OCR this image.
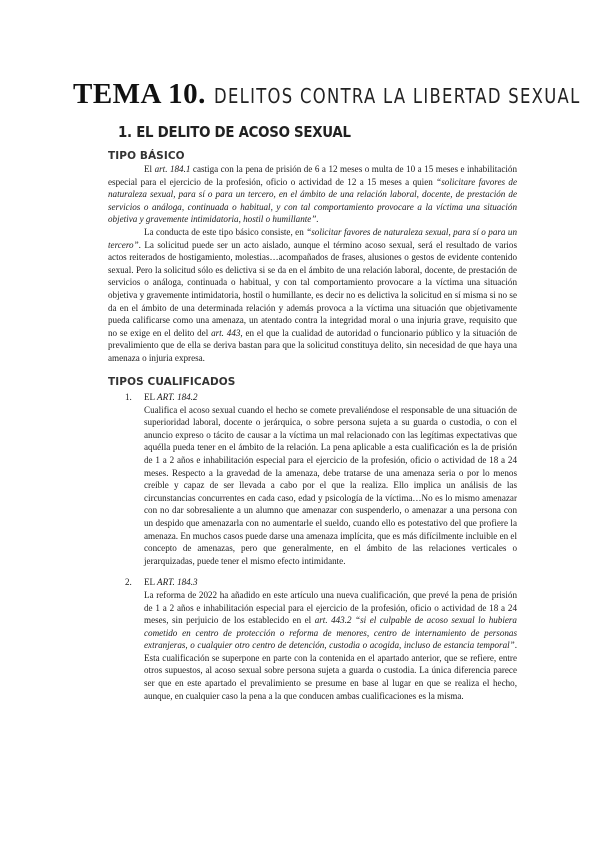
TEMA 10. DELITOS CONTRA LA LIBERTAD SEXUAL
1. EL DELITO DE ACOSO SEXUAL
TIPO BÁSICO

El art. 184.1 castiga con la pena de prisión de 6 a 12 meses o multa de 10 a 15 meses e inhabilitación especial para el ejercicio de la profesión, oficio o actividad de 12 a 15 meses a quien “solicitare favores de naturaleza sexual, para sí o para un tercero, en el ámbito de una relación laboral, docente, de prestación de servicios o análoga, continuada o habitual, y con tal comportamiento provocare a la víctima una situación objetiva y gravemente intimidatoria, hostil o humillante”.

La conducta de este tipo básico consiste, en “solicitar favores de naturaleza sexual, para sí o para un tercero”. La solicitud puede ser un acto aislado, aunque el término acoso sexual, será el resultado de varios actos reiterados de hostigamiento, molestias…acompañados de frases, alusiones o gestos de evidente contenido sexual. Pero la solicitud sólo es delictiva si se da en el ámbito de una relación laboral, docente, de prestación de servicios o análoga, continuada o habitual, y con tal comportamiento provocare a la víctima una situación objetiva y gravemente intimidatoria, hostil o humillante, es decir no es delictiva la solicitud en sí misma si no se da en el ámbito de una determinada relación y además provoca a la víctima una situación que objetivamente pueda calificarse como una amenaza, un atentado contra la integridad moral o una injuria grave, requisito que no se exige en el delito del art. 443, en el que la cualidad de autoridad o funcionario público y la situación de prevalimiento que de ella se deriva bastan para que la solicitud constituya delito, sin necesidad de que haya una amenaza o injuria expresa.

TIPOS CUALIFICADOS
1. EL ART. 184.2
Cualifica el acoso sexual cuando el hecho se comete prevaliéndose el responsable de una situación de superioridad laboral, docente o jerárquica, o sobre persona sujeta a su guarda o custodia, o con el anuncio expreso o tácito de causar a la víctima un mal relacionado con las legítimas expectativas que aquélla pueda tener en el ámbito de la relación. La pena aplicable a esta cualificación es la de prisión de 1 a 2 años e inhabilitación especial para el ejercicio de la profesión, oficio o actividad de 18 a 24 meses. Respecto a la gravedad de la amenaza, debe tratarse de una amenaza seria o por lo menos creíble y capaz de ser llevada a cabo por el que la realiza. Ello implica un análisis de las circunstancias concurrentes en cada caso, edad y psicología de la víctima…No es lo mismo amenazar con no dar sobresaliente a un alumno que amenazar con suspenderlo, o amenazar a una persona con un despido que amenazarla con no aumentarle el sueldo, cuando ello es potestativo del que profiere la amenaza. En muchos casos puede darse una amenaza implícita, que es más difícilmente incluible en el concepto de amenazas, pero que generalmente, en el ámbito de las relaciones verticales o jerarquizadas, puede tener el mismo efecto intimidante.
2. EL ART. 184.3
La reforma de 2022 ha añadido en este artículo una nueva cualificación, que prevé la pena de prisión de 1 a 2 años e inhabilitación especial para el ejercicio de la profesión, oficio o actividad de 18 a 24 meses, sin perjuicio de los establecido en el art. 443.2 “si el culpable de acoso sexual lo hubiera cometido en centro de protección o reforma de menores, centro de internamiento de personas extranjeras, o cualquier otro centro de detención, custodia o acogida, incluso de estancia temporal”. Esta cualificación se superpone en parte con la contenida en el apartado anterior, que se refiere, entre otros supuestos, al acoso sexual sobre persona sujeta a guarda o custodia. La única diferencia parece ser que en este apartado el prevalimiento se presume en base al lugar en que se realiza el hecho, aunque, en cualquier caso la pena a la que conducen ambas cualificaciones es la misma.
